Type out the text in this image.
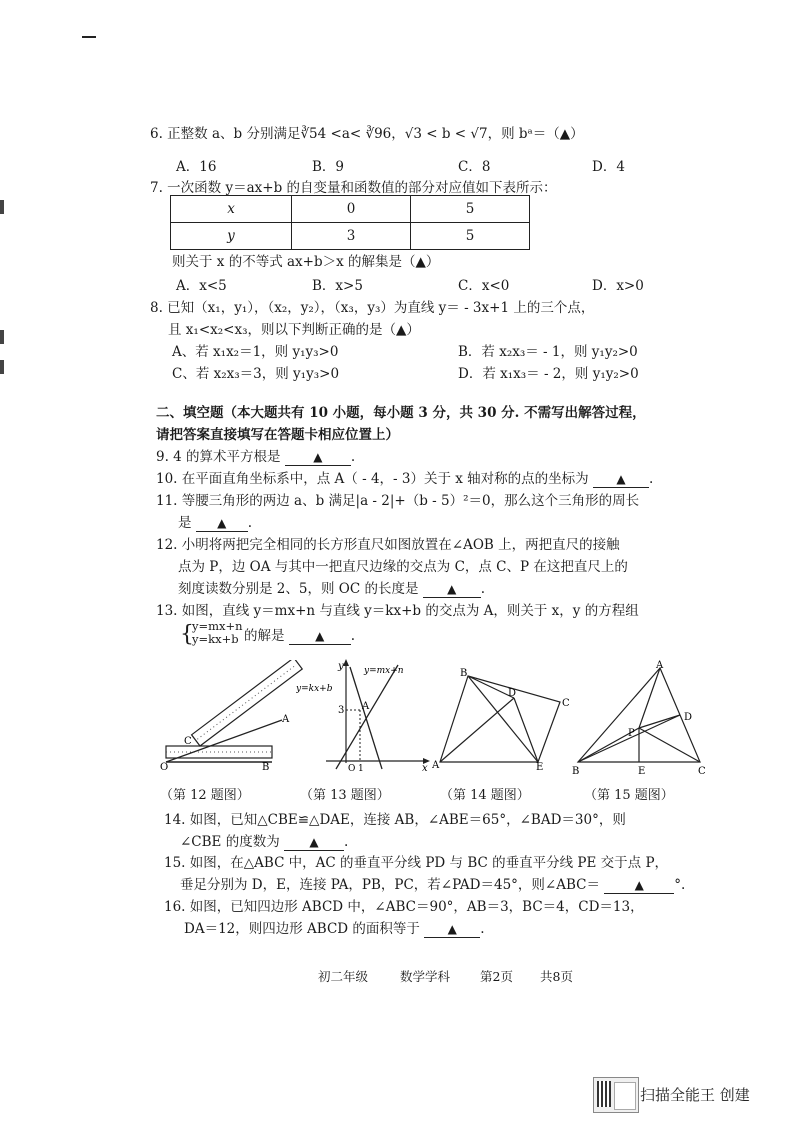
6. 正整数 a、b 分别满足∛54 <a< ∛96，√3 < b < √7，则 bᵃ＝（▲）
A．16	B．9	C．8	D．4
7. 一次函数 y＝ax+b 的自变量和函数值的部分对应值如下表所示：
x	0	5
y	3	5
则关于 x 的不等式 ax+b＞x 的解集是（▲）
A．x<5	B．x>5	C．x<0	D．x>0
8. 已知（x₁，y₁），（x₂，y₂），（x₃，y₃）为直线 y＝ - 3x+1 上的三个点，
且 x₁<x₂<x₃，则以下判断正确的是（▲）
A、若 x₁x₂＝1，则 y₁y₃>0	B．若 x₂x₃＝ - 1，则 y₁y₂>0
C、若 x₂x₃＝3，则 y₁y₃>0	D．若 x₁x₃＝ - 2，则 y₁y₂>0
二、填空题（本大题共有 10 小题，每小题 3 分，共 30 分. 不需写出解答过程，
请把答案直接填写在答题卡相应位置上）
9. 4 的算术平方根是	▲ .
10. 在平面直角坐标系中，点 A（ - 4，- 3）关于 x 轴对称的点的坐标为 ▲ .
11. 等腰三角形的两边 a、b 满足|a - 2|+（b - 5）²＝0，那么这个三角形的周长
是 ▲ .
12. 小明将两把完全相同的长方形直尺如图放置在∠AOB 上，两把直尺的接触
点为 P，边 OA 与其中一把直尺边缘的交点为 C，点 C、P 在这把直尺上的
刻度读数分别是 2、5，则 OC 的长度是 ▲ .
13. 如图，直线 y＝mx+n 与直线 y＝kx+b 的交点为 A，则关于 x，y 的方程组
{
y=mx+n
y=kx+b 的解是	▲ .
O	B
C
A
（第 12 题图）
y
x
y=mx+n
y=kx+b
A
3
O 1
（第 13 题图）
B
D
C
A	E
（第 14 题图）
A
D
P
B	E	C
（第 15 题图）
14. 如图，已知△CBE≌△DAE，连接 AB，∠ABE＝65°，∠BAD＝30°，则
∠CBE 的度数为 ▲ .
15. 如图，在△ABC 中，AC 的垂直平分线 PD 与 BC 的垂直平分线 PE 交于点 P，
垂足分别为 D，E，连接 PA，PB，PC，若∠PAD＝45°，则∠ABC＝	▲ °.
16. 如图，已知四边形 ABCD 中，∠ABC＝90°，AB＝3，BC＝4，CD＝13，
DA＝12，则四边形 ABCD 的面积等于 ▲ .
初二年级	数学学科 第2页 共8页
扫描全能王 创建
